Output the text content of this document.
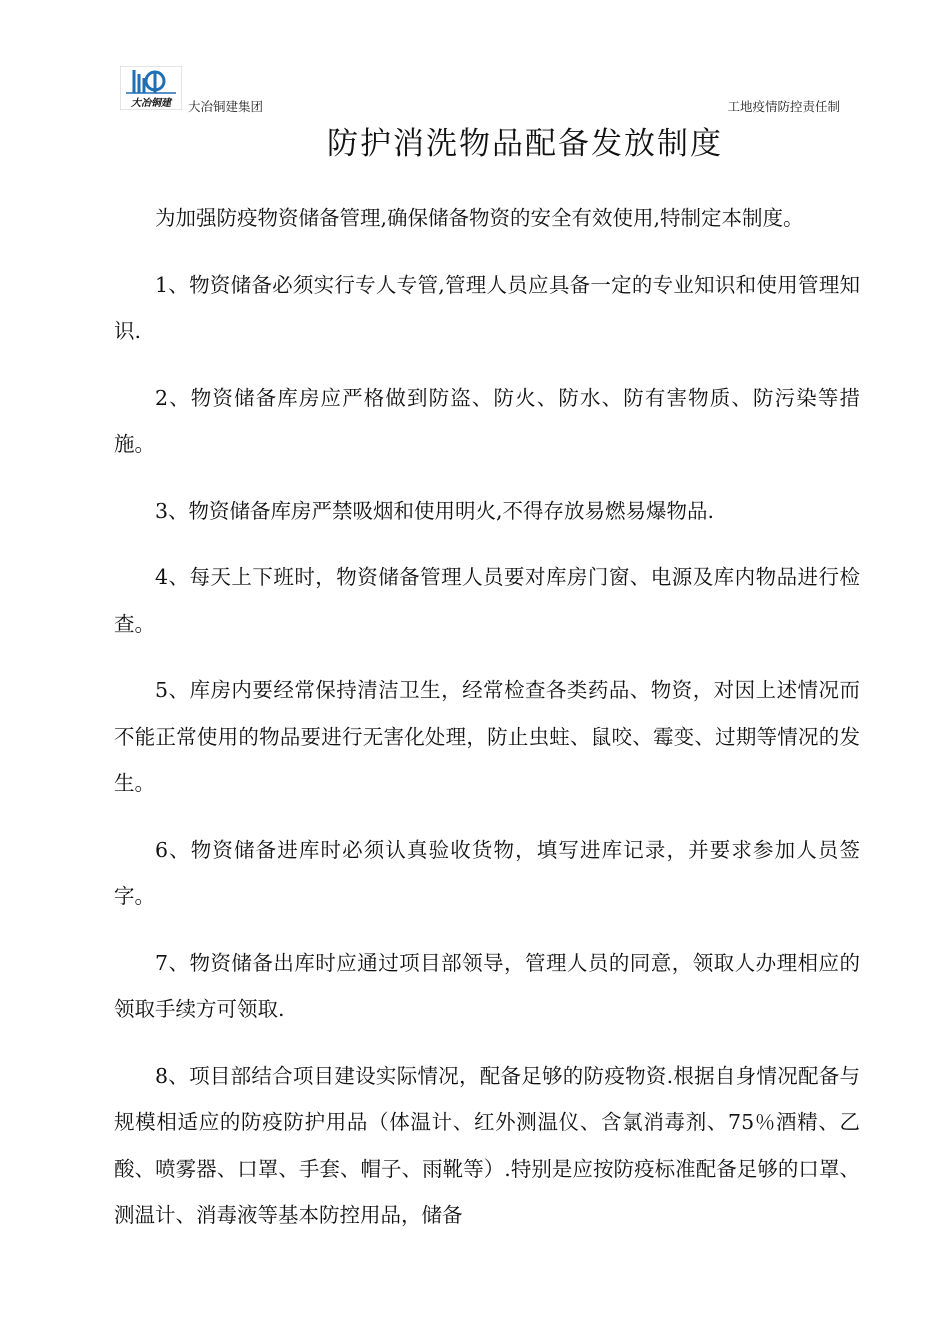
大冶铜建 大冶铜建集团	工地疫情防控责任制
防护消洗物品配备发放制度

为加强防疫物资储备管理,确保储备物资的安全有效使用,特制定本制度。

1、物资储备必须实行专人专管,管理人员应具备一定的专业知识和使用管理知识.

2、物资储备库房应严格做到防盗、防火、防水、防有害物质、防污染等措施。

3、物资储备库房严禁吸烟和使用明火,不得存放易燃易爆物品.

4、每天上下班时，物资储备管理人员要对库房门窗、电源及库内物品进行检查。

5、库房内要经常保持清洁卫生，经常检查各类药品、物资，对因上述情况而不能正常使用的物品要进行无害化处理，防止虫蛀、鼠咬、霉变、过期等情况的发生。

6、物资储备进库时必须认真验收货物，填写进库记录，并要求参加人员签字。

7、物资储备出库时应通过项目部领导，管理人员的同意，领取人办理相应的领取手续方可领取.

8、项目部结合项目建设实际情况，配备足够的防疫物资.根据自身情况配备与规模相适应的防疫防护用品（体温计、红外测温仪、含氯消毒剂、75％酒精、乙酸、喷雾器、口罩、手套、帽子、雨靴等）.特别是应按防疫标准配备足够的口罩、测温计、消毒液等基本防控用品，储备
